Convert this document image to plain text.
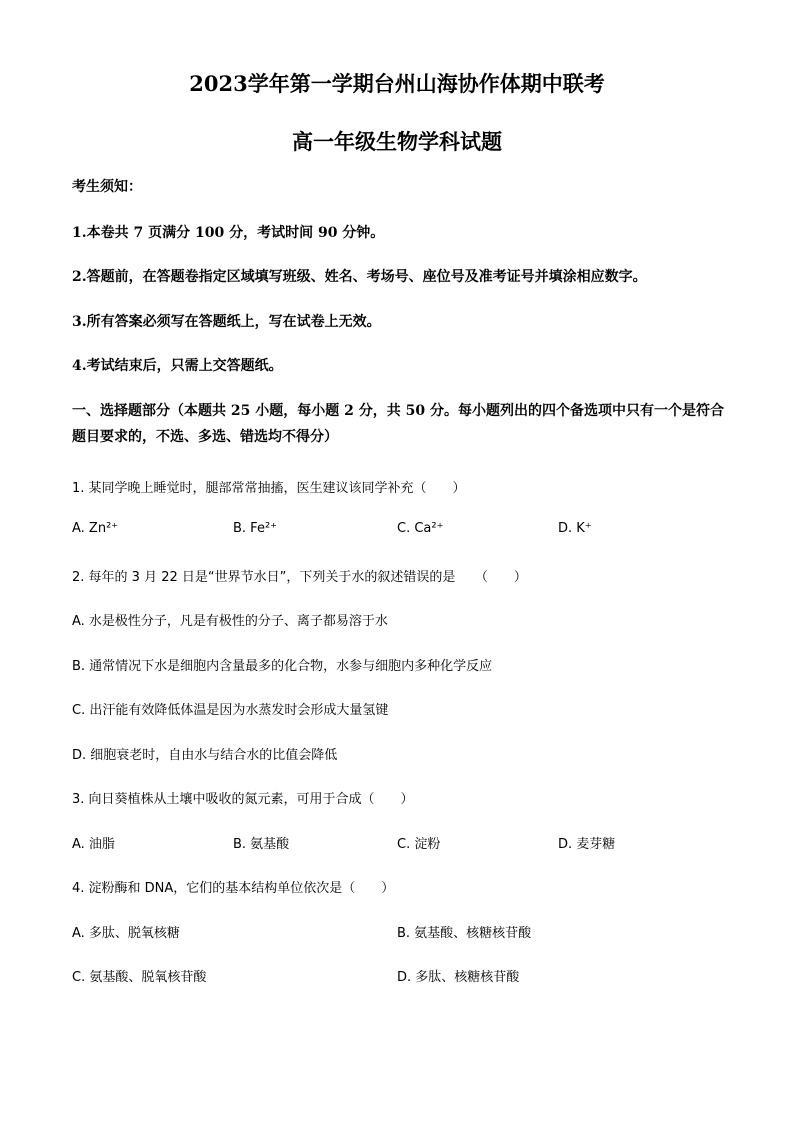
2023学年第一学期台州山海协作体期中联考
高一年级生物学科试题
考生须知：
1.本卷共 7 页满分 100 分，考试时间 90 分钟。
2.答题前，在答题卷指定区域填写班级、姓名、考场号、座位号及准考证号并填涂相应数字。
3.所有答案必须写在答题纸上，写在试卷上无效。
4.考试结束后，只需上交答题纸。
一、选择题部分（本题共 25 小题，每小题 2 分，共 50 分。每小题列出的四个备选项中只有一个是符合题目要求的，不选、多选、错选均不得分）
1. 某同学晚上睡觉时，腿部常常抽搐，医生建议该同学补充（　　）
A. Zn²⁺	B. Fe²⁺	C. Ca²⁺	D. K⁺
2. 每年的 3 月 22 日是“世界节水日”，下列关于水的叙述错误的是　　（　　）
A. 水是极性分子，凡是有极性的分子、离子都易溶于水
B. 通常情况下水是细胞内含量最多的化合物，水参与细胞内多种化学反应
C. 出汗能有效降低体温是因为水蒸发时会形成大量氢键
D. 细胞衰老时，自由水与结合水的比值会降低
3. 向日葵植株从土壤中吸收的氮元素，可用于合成（　　）
A. 油脂	B. 氨基酸	C. 淀粉	D. 麦芽糖
4. 淀粉酶和 DNA，它们的基本结构单位依次是（　　）
A. 多肽、脱氧核糖	B. 氨基酸、核糖核苷酸
C. 氨基酸、脱氧核苷酸	D. 多肽、核糖核苷酸
